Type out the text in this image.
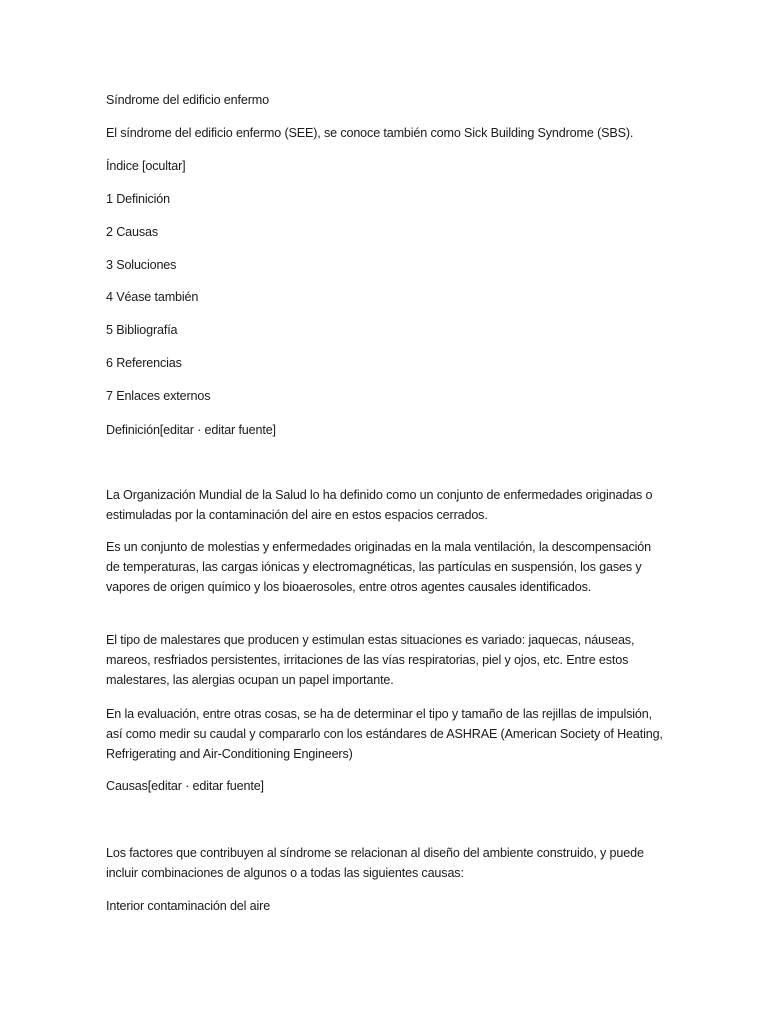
Síndrome del edificio enfermo
El síndrome del edificio enfermo (SEE), se conoce también como Sick Building Syndrome (SBS).
Índice [ocultar]
1 Definición
2 Causas
3 Soluciones
4 Véase también
5 Bibliografía
6 Referencias
7 Enlaces externos
Definición[editar · editar fuente]
La Organización Mundial de la Salud lo ha definido como un conjunto de enfermedades originadas o estimuladas por la contaminación del aire en estos espacios cerrados.
Es un conjunto de molestias y enfermedades originadas en la mala ventilación, la descompensación de temperaturas, las cargas iónicas y electromagnéticas, las partículas en suspensión, los gases y vapores de origen químico y los bioaerosoles, entre otros agentes causales identificados.
El tipo de malestares que producen y estimulan estas situaciones es variado: jaquecas, náuseas, mareos, resfriados persistentes, irritaciones de las vías respiratorias, piel y ojos, etc. Entre estos malestares, las alergias ocupan un papel importante.
En la evaluación, entre otras cosas, se ha de determinar el tipo y tamaño de las rejillas de impulsión, así como medir su caudal y compararlo con los estándares de ASHRAE (American Society of Heating, Refrigerating and Air-Conditioning Engineers)
Causas[editar · editar fuente]
Los factores que contribuyen al síndrome se relacionan al diseño del ambiente construido, y puede incluir combinaciones de algunos o a todas las siguientes causas:
Interior contaminación del aire
